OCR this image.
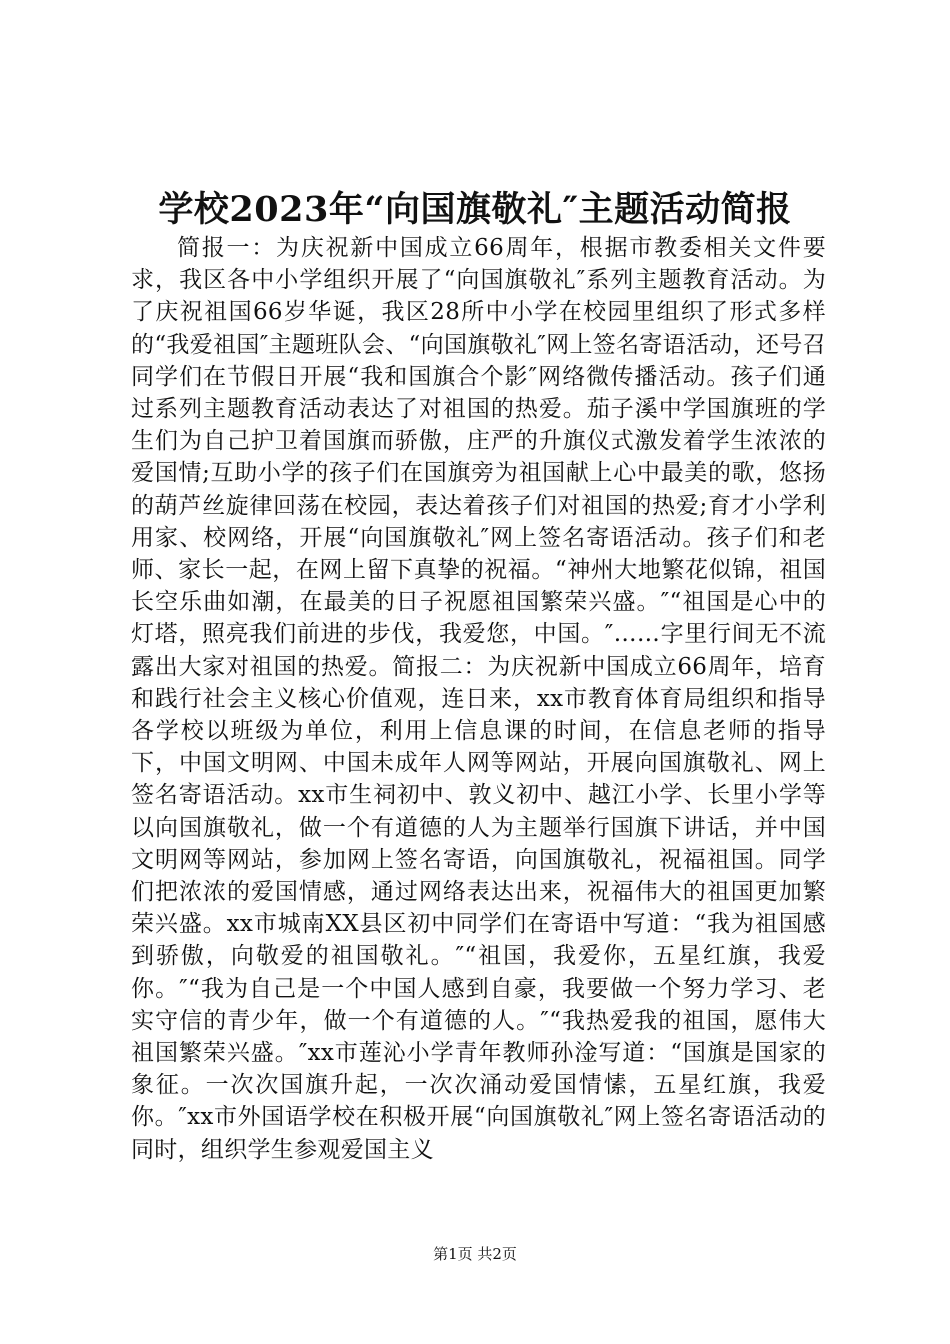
学校2023年“向国旗敬礼″主题活动简报

简报一：为庆祝新中国成立66周年，根据市教委相关文件要求，我区各中小学组织开展了“向国旗敬礼″系列主题教育活动。为了庆祝祖国66岁华诞，我区28所中小学在校园里组织了形式多样的“我爱祖国″主题班队会、“向国旗敬礼″网上签名寄语活动，还号召同学们在节假日开展“我和国旗合个影″网络微传播活动。孩子们通过系列主题教育活动表达了对祖国的热爱。茄子溪中学国旗班的学生们为自己护卫着国旗而骄傲，庄严的升旗仪式激发着学生浓浓的爱国情;互助小学的孩子们在国旗旁为祖国献上心中最美的歌，悠扬的葫芦丝旋律回荡在校园，表达着孩子们对祖国的热爱;育才小学利用家、校网络，开展“向国旗敬礼″网上签名寄语活动。孩子们和老师、家长一起，在网上留下真挚的祝福。“神州大地繁花似锦，祖国长空乐曲如潮，在最美的日子祝愿祖国繁荣兴盛。″“祖国是心中的灯塔，照亮我们前进的步伐，我爱您，中国。″……字里行间无不流露出大家对祖国的热爱。简报二：为庆祝新中国成立66周年，培育和践行社会主义核心价值观，连日来，xx市教育体育局组织和指导各学校以班级为单位，利用上信息课的时间，在信息老师的指导下，中国文明网、中国未成年人网等网站，开展向国旗敬礼、网上签名寄语活动。xx市生祠初中、敦义初中、越江小学、长里小学等以向国旗敬礼，做一个有道德的人为主题举行国旗下讲话，并中国文明网等网站，参加网上签名寄语，向国旗敬礼，祝福祖国。同学们把浓浓的爱国情感，通过网络表达出来，祝福伟大的祖国更加繁荣兴盛。xx市城南XX县区初中同学们在寄语中写道：“我为祖国感到骄傲，向敬爱的祖国敬礼。″“祖国，我爱你，五星红旗，我爱你。″“我为自己是一个中国人感到自豪，我要做一个努力学习、老实守信的青少年，做一个有道德的人。″“我热爱我的祖国，愿伟大祖国繁荣兴盛。″xx市莲沁小学青年教师孙淦写道：“国旗是国家的象征。一次次国旗升起，一次次涌动爱国情愫，五星红旗，我爱你。″xx市外国语学校在积极开展“向国旗敬礼″网上签名寄语活动的同时，组织学生参观爱国主义

第1页 共2页
